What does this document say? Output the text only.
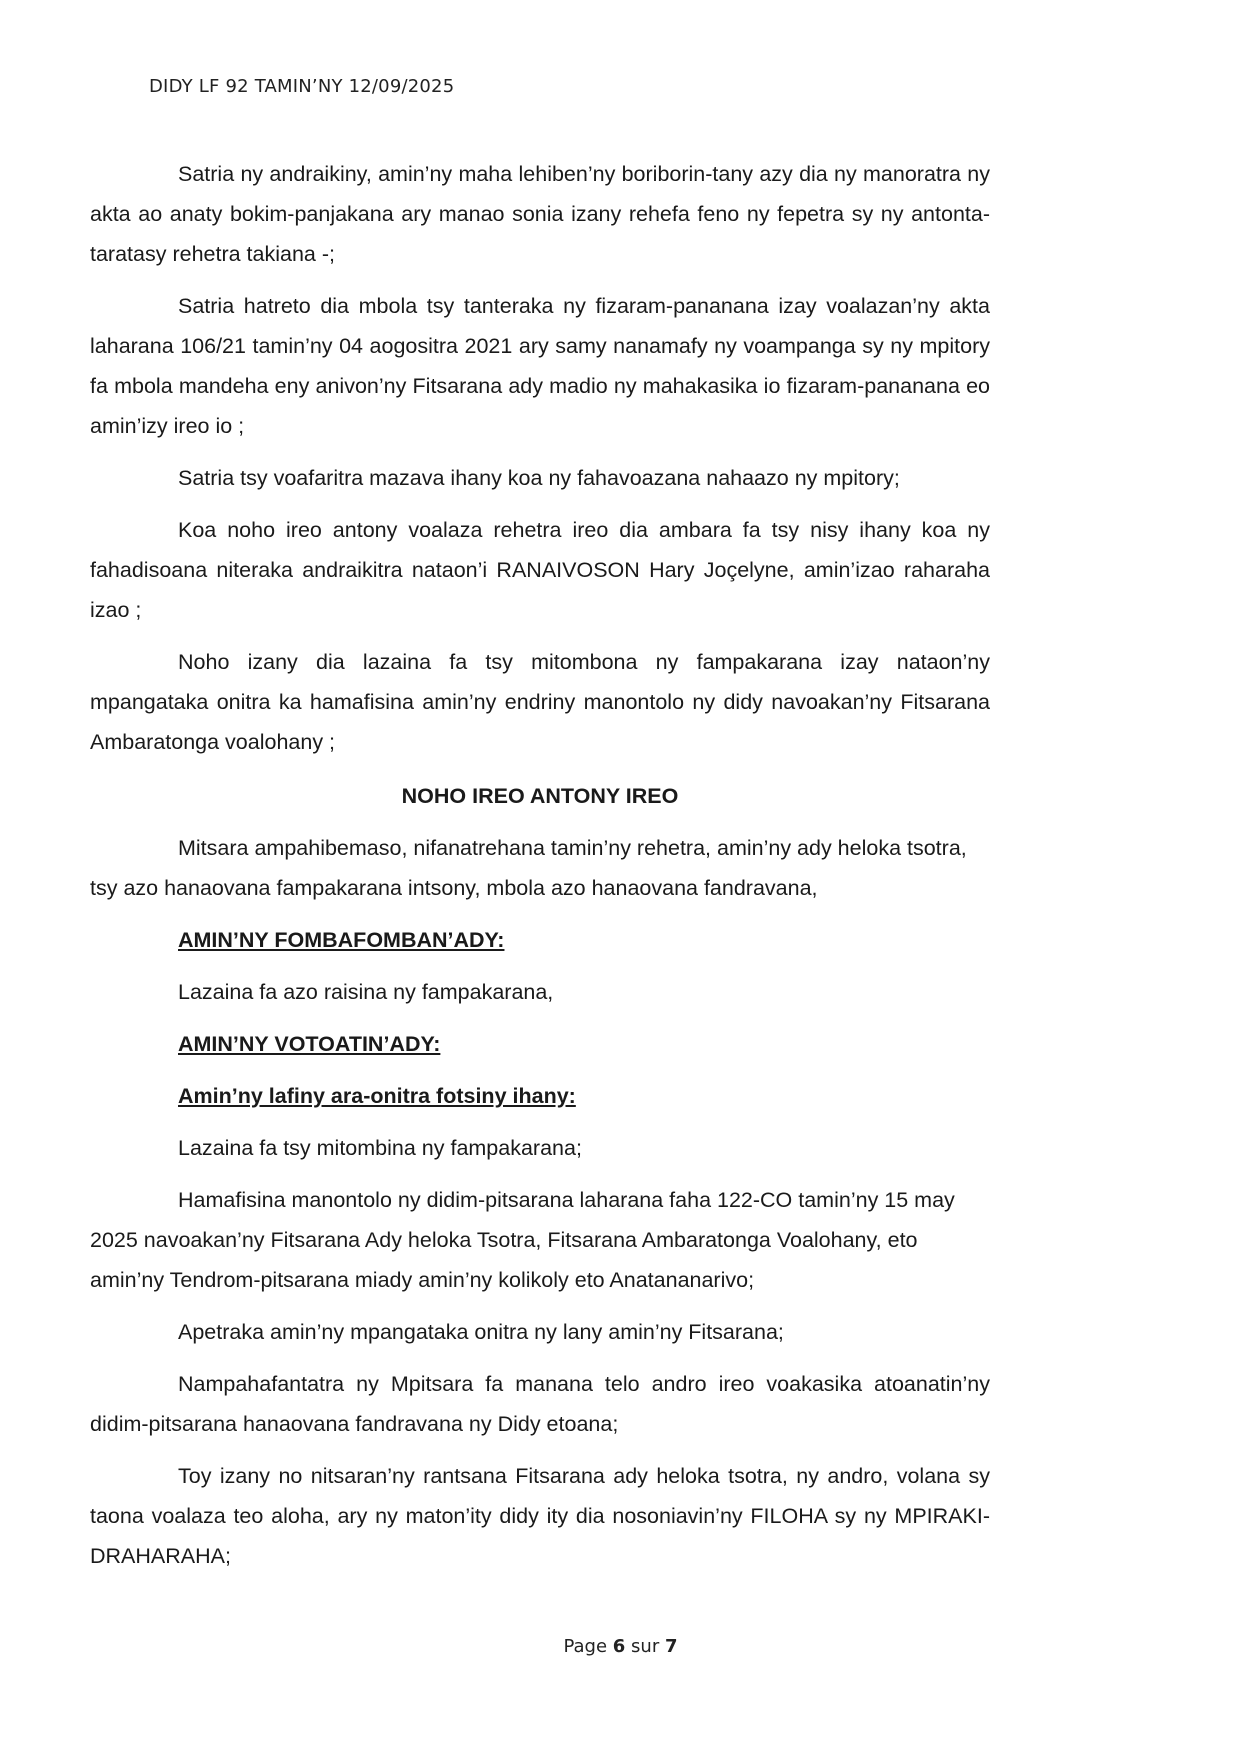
DIDY LF 92 TAMIN’NY 12/09/2025

Satria ny andraikiny, amin’ny maha lehiben’ny boriborin-tany azy dia ny manoratra ny akta ao anaty bokim-panjakana ary manao sonia izany rehefa feno ny fepetra sy ny antonta-taratasy rehetra takiana -;

Satria hatreto dia mbola tsy tanteraka ny fizaram-pananana izay voalazan’ny akta laharana 106/21 tamin’ny 04 aogositra 2021 ary samy nanamafy ny voampanga sy ny mpitory fa mbola mandeha eny anivon’ny Fitsarana ady madio ny mahakasika io fizaram-pananana eo amin’izy ireo io ;

Satria tsy voafaritra mazava ihany koa ny fahavoazana nahaazo ny mpitory;

Koa noho ireo antony voalaza rehetra ireo dia ambara fa tsy nisy ihany koa ny fahadisoana niteraka andraikitra nataon’i RANAIVOSON Hary Joçelyne, amin’izao raharaha izao ;

Noho izany dia lazaina fa tsy mitombona ny fampakarana izay nataon’ny mpangataka onitra ka hamafisina amin’ny endriny manontolo ny didy navoakan’ny Fitsarana Ambaratonga voalohany ;

NOHO IREO ANTONY IREO

Mitsara ampahibemaso, nifanatrehana tamin’ny rehetra, amin’ny ady heloka tsotra, tsy azo hanaovana fampakarana intsony, mbola azo hanaovana fandravana,

AMIN’NY FOMBAFOMBAN’ADY:
Lazaina fa azo raisina ny fampakarana,
AMIN’NY VOTOATIN’ADY:
Amin’ny lafiny ara-onitra fotsiny ihany:
Lazaina fa tsy mitombina ny fampakarana;

Hamafisina manontolo ny didim-pitsarana laharana faha 122-CO tamin’ny 15 may 2025 navoakan’ny Fitsarana Ady heloka Tsotra, Fitsarana Ambaratonga Voalohany, eto amin’ny Tendrom-pitsarana miady amin’ny kolikoly eto Anatananarivo;

Apetraka amin’ny mpangataka onitra ny lany amin’ny Fitsarana;

Nampahafantatra ny Mpitsara fa manana telo andro ireo voakasika atoanatin’ny didim-pitsarana hanaovana fandravana ny Didy etoana;

Toy izany no nitsaran’ny rantsana Fitsarana ady heloka tsotra, ny andro, volana sy taona voalaza teo aloha, ary ny maton’ity didy ity dia nosoniavin’ny FILOHA sy ny MPIRAKI-DRAHARAHA;

Page 6 sur 7
